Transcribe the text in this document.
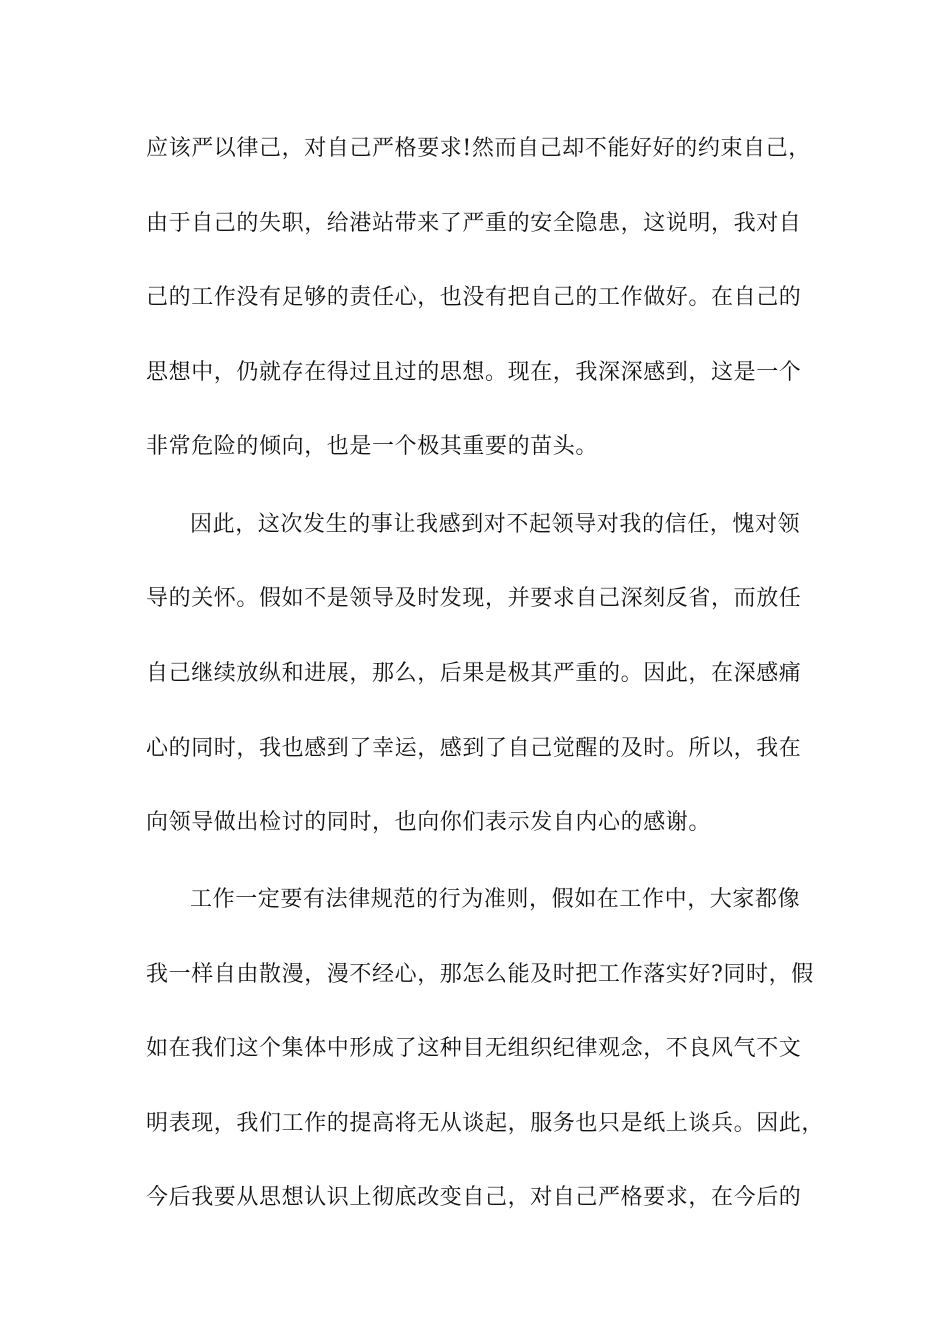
应该严以律己，对自己严格要求!然而自己却不能好好的约束自己，
由于自己的失职，给港站带来了严重的安全隐患，这说明，我对自
己的工作没有足够的责任心，也没有把自己的工作做好。在自己的
思想中，仍就存在得过且过的思想。现在，我深深感到，这是一个
非常危险的倾向，也是一个极其重要的苗头。
因此，这次发生的事让我感到对不起领导对我的信任，愧对领
导的关怀。假如不是领导及时发现，并要求自己深刻反省，而放任
自己继续放纵和进展，那么，后果是极其严重的。因此，在深感痛
心的同时，我也感到了幸运，感到了自己觉醒的及时。所以，我在
向领导做出检讨的同时，也向你们表示发自内心的感谢。
工作一定要有法律规范的行为准则，假如在工作中，大家都像
我一样自由散漫，漫不经心，那怎么能及时把工作落实好?同时，假
如在我们这个集体中形成了这种目无组织纪律观念，不良风气不文
明表现，我们工作的提高将无从谈起，服务也只是纸上谈兵。因此，
今后我要从思想认识上彻底改变自己，对自己严格要求，在今后的
